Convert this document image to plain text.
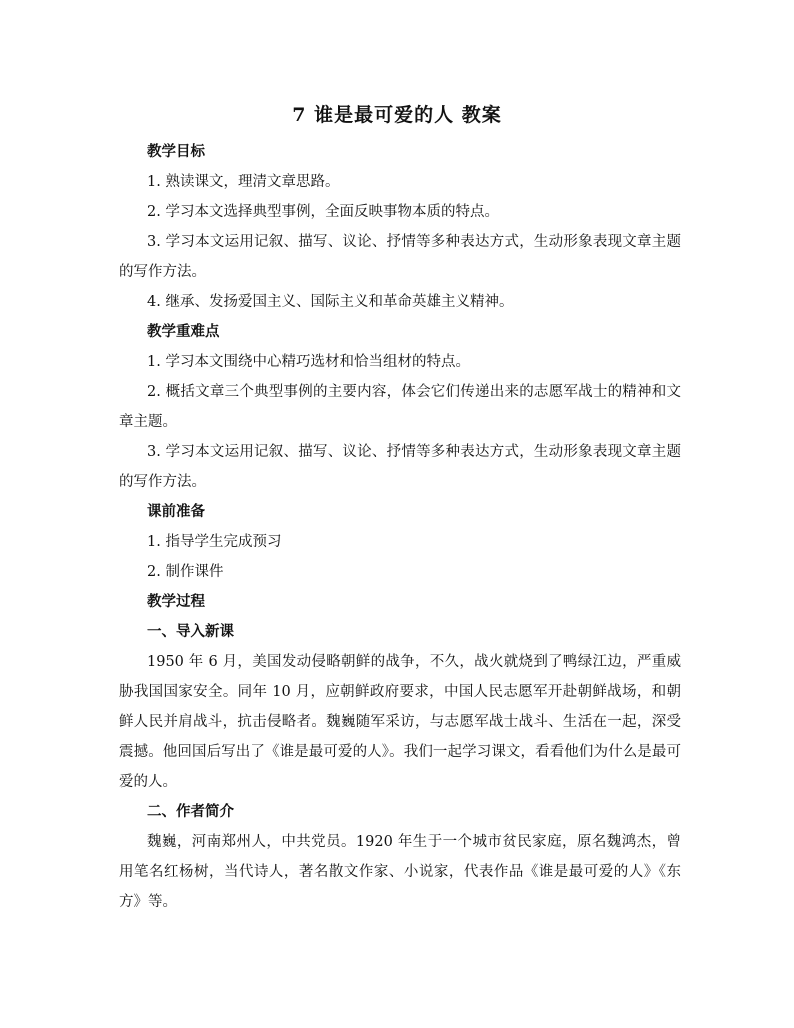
7 谁是最可爱的人 教案

教学目标

1. 熟读课文，理清文章思路。

2. 学习本文选择典型事例，全面反映事物本质的特点。

3. 学习本文运用记叙、描写、议论、抒情等多种表达方式，生动形象表现文章主题的写作方法。

4. 继承、发扬爱国主义、国际主义和革命英雄主义精神。

教学重难点

1. 学习本文围绕中心精巧选材和恰当组材的特点。

2. 概括文章三个典型事例的主要内容，体会它们传递出来的志愿军战士的精神和文章主题。

3. 学习本文运用记叙、描写、议论、抒情等多种表达方式，生动形象表现文章主题的写作方法。

课前准备

1. 指导学生完成预习

2. 制作课件

教学过程

一、导入新课

1950 年 6 月，美国发动侵略朝鲜的战争，不久，战火就烧到了鸭绿江边，严重威胁我国国家安全。同年 10 月，应朝鲜政府要求，中国人民志愿军开赴朝鲜战场，和朝鲜人民并肩战斗，抗击侵略者。魏巍随军采访，与志愿军战士战斗、生活在一起，深受震撼。他回国后写出了《谁是最可爱的人》。我们一起学习课文，看看他们为什么是最可爱的人。

二、作者简介

魏巍，河南郑州人，中共党员。1920 年生于一个城市贫民家庭，原名魏鸿杰，曾用笔名红杨树，当代诗人，著名散文作家、小说家，代表作品《谁是最可爱的人》《东方》等。
